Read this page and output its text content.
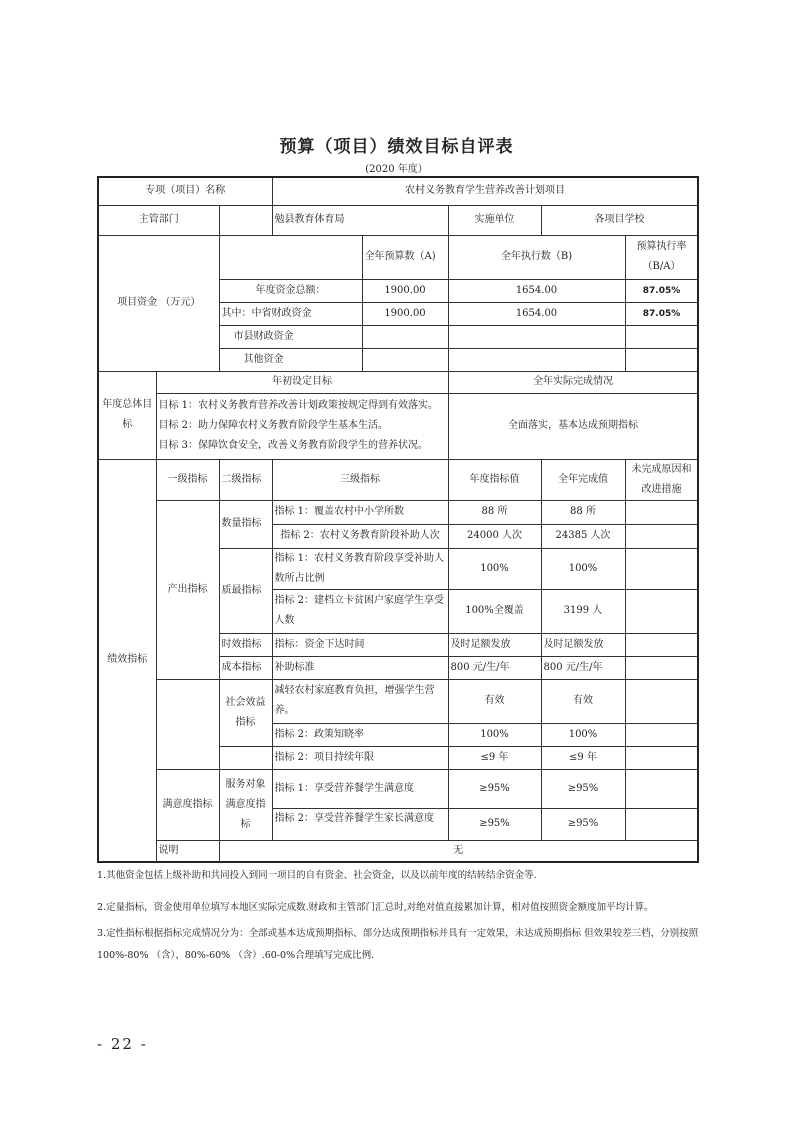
预算（项目）绩效目标自评表
(2020 年度）
专项（项目）名称			农村义务教育学生营养改善计划项目				
主管部门			勉县教育体育局		实施单位	各项目学校	
项目资金 （万元）				全年预算数（A)	全年执行数（B)		预算执行率（B/A）
		年度资金总额：		1900.00	1654.00		87.05%
		其中：中省财政资金		1900.00	1654.00		87.05%
		市县财政资金					
		其他资金					
年度总体目标	年初设定目标				全年实际完成情况		

	目标 1：农村义务教育营养改善计划政策按规定得到有效落实。
目标 2：助力保障农村义务教育阶段学生基本生活。
目标 3：保障饮食安全，改善义务教育阶段学生的营养状况。				全面落实，基本达成预期指标		
绩效指标	一级指标	二级指标	三级指标		年度指标值	全年完成值	未完成原因和改进措施
	产出指标	数量指标	指标 1：覆盖农村中小学所数		88 所	88 所	
			指标 2：农村义务教育阶段补助人次		24000 人次	24385 人次	
		质最指标	指标 1：农村义务教育阶段享受补助人数所占比例		100%	100%	
			指标 2：建档立卡贫困户家庭学生享受人数		100%全覆盖	3199 人	
		时效指标	指标：资金下达时间		及时足额发放	及时足额发放	
		成本指标	补助标准		800 元/生/年	800 元/生/年	
		社会效益 指标	减轻农村家庭教育负担，增强学生营养。		有效	有效	
			指标 2：政策知晓率		100%	100%	
			指标 2：项目持续年限		≤9 年	≤9 年	
	满意度指标	服务对象 满意度指 标	指标 1：享受营养餐学生满意度		≥95%	≥95%	
			指标 2：享受营养餐学生家长满意度		≥95%	≥95%	
	说明	无					
1.其他资金包括上级补助和共同投入到同一项目的自有资金、社会资金，以及以前年度的结转结余资金等.
2.定量指标，资金使用单位填写本地区实际完成数.财政和主管部门汇总时,对绝对值直接累加计算，相对值按照资金额度加平均计算。
3.定性指标根据指标完成情况分为：全部或基本达成预期指标、部分达成预期指标并具有一定效果，未达成预期指标 但效果较差三档，分别按照 100%-80% （含）、80%-60% （含）.60-0%合理填写完成比例.
- 22 -
